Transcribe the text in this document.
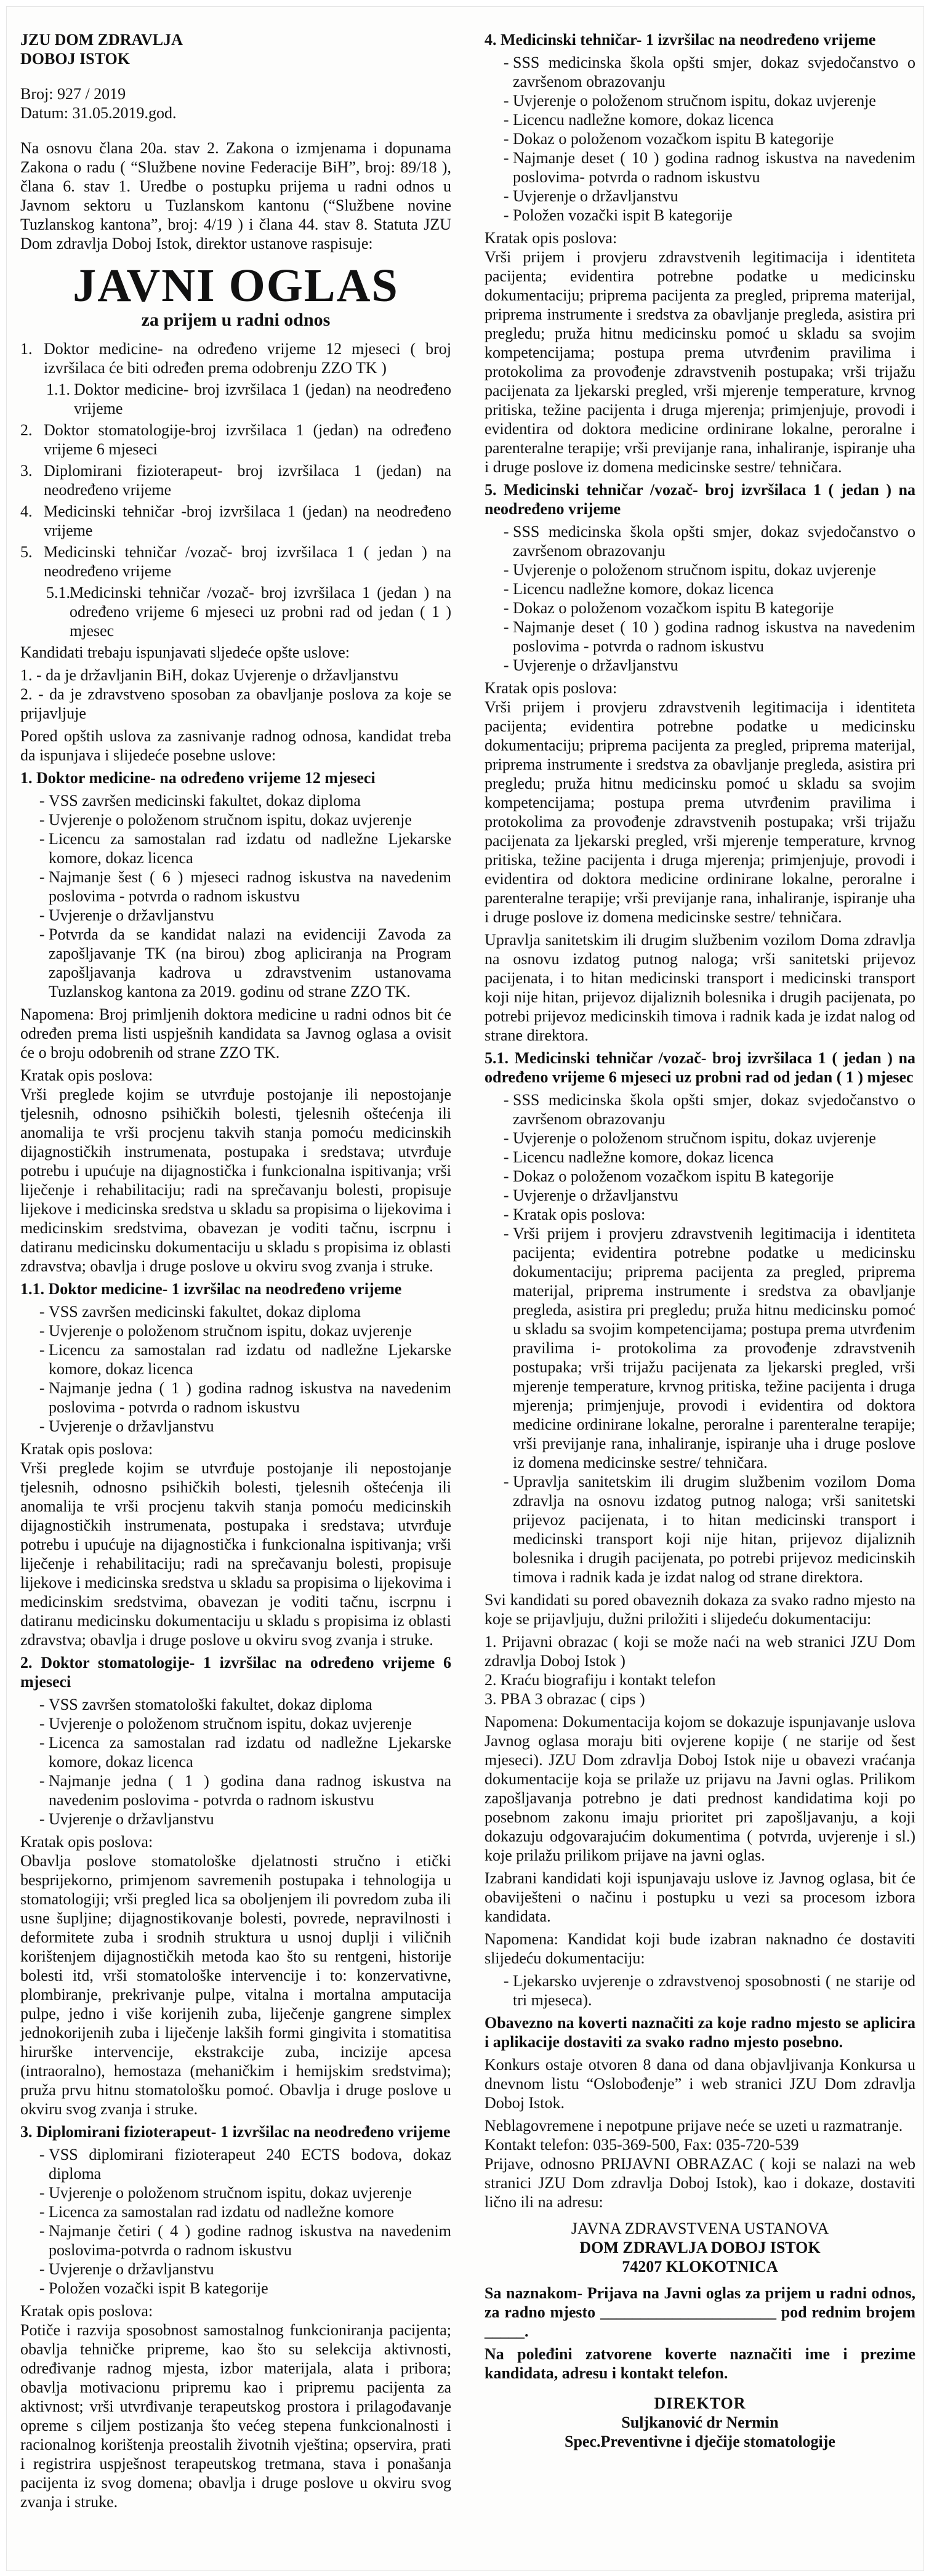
JZU DOM ZDRAVLJA

DOBOJ ISTOK

Broj: 927 / 2019

Datum: 31.05.2019.god.

Na osnovu člana 20a. stav 2. Zakona o izmjenama i dopunama Zakona o radu ( “Službene novine Federacije BiH”, broj: 89/18 ), člana 6. stav 1. Uredbe o postupku prijema u radni odnos u Javnom sektoru u Tuzlanskom kantonu (“Službene novine Tuzlanskog kantona”, broj: 4/19 ) i člana 44. stav 8. Statuta JZU Dom zdravlja Doboj Istok, direktor ustanove raspisuje:

JAVNI OGLAS
za prijem u radni odnos
1. Doktor medicine- na određeno vrijeme 12 mjeseci ( broj izvršilaca će biti određen prema odobrenju ZZO TK )
1.1. Doktor medicine- broj izvršilaca 1 (jedan) na neodređeno vrijeme
2. Doktor stomatologije-broj izvršilaca 1 (jedan) na određeno vrijeme 6 mjeseci
3. Diplomirani fizioterapeut- broj izvršilaca 1 (jedan) na neodređeno vrijeme
4. Medicinski tehničar -broj izvršilaca 1 (jedan) na neodređeno vrijeme
5. Medicinski tehničar /vozač- broj izvršilaca 1 ( jedan ) na neodređeno vrijeme
5.1. Medicinski tehničar /vozač- broj izvršilaca 1 (jedan ) na određeno vrijeme 6 mjeseci uz probni rad od jedan ( 1 ) mjesec

Kandidati trebaju ispunjavati sljedeće opšte uslove:

1. - da je državljanin BiH, dokaz Uvjerenje o državljanstvu

2. - da je zdravstveno sposoban za obavljanje poslova za koje se prijavljuje

Pored opštih uslova za zasnivanje radnog odnosa, kandidat treba da ispunjava i slijedeće posebne uslove:

1. Doktor medicine- na određeno vrijeme 12 mjeseci

• VSS završen medicinski fakultet, dokaz diploma
• Uvjerenje o položenom stručnom ispitu, dokaz uvjerenje
• Licencu za samostalan rad izdatu od nadležne Ljekarske komore, dokaz licenca
• Najmanje šest ( 6 ) mjeseci radnog iskustva na navedenim poslovima - potvrda o radnom iskustvu
• Uvjerenje o državljanstvu
• Potvrda da se kandidat nalazi na evidenciji Zavoda za zapošljavanje TK (na birou) zbog apliciranja na Program zapošljavanja kadrova u zdravstvenim ustanovama Tuzlanskog kantona za 2019. godinu od strane ZZO TK.

Napomena: Broj primljenih doktora medicine u radni odnos bit će određen prema listi uspješnih kandidata sa Javnog oglasa a ovisit će o broju odobrenih od strane ZZO TK.

Kratak opis poslova:

Vrši preglede kojim se utvrđuje postojanje ili nepostojanje tjelesnih, odnosno psihičkih bolesti, tjelesnih oštećenja ili anomalija te vrši procjenu takvih stanja pomoću medicinskih dijagnostičkih instrumenata, postupaka i sredstava; utvrđuje potrebu i upućuje na dijagnostička i funkcionalna ispitivanja; vrši liječenje i rehabilitaciju; radi na sprečavanju bolesti, propisuje lijekove i medicinska sredstva u skladu sa propisima o lijekovima i medicinskim sredstvima, obavezan je voditi tačnu, iscrpnu i datiranu medicinsku dokumentaciju u skladu s propisima iz oblasti zdravstva; obavlja i druge poslove u okviru svog zvanja i struke.

1.1. Doktor medicine- 1 izvršilac na neodređeno vrijeme

• VSS završen medicinski fakultet, dokaz diploma
• Uvjerenje o položenom stručnom ispitu, dokaz uvjerenje
• Licencu za samostalan rad izdatu od nadležne Ljekarske komore, dokaz licenca
• Najmanje jedna ( 1 ) godina radnog iskustva na navedenim poslovima - potvrda o radnom iskustvu
• Uvjerenje o državljanstvu

Kratak opis poslova:

Vrši preglede kojim se utvrđuje postojanje ili nepostojanje tjelesnih, odnosno psihičkih bolesti, tjelesnih oštećenja ili anomalija te vrši procjenu takvih stanja pomoću medicinskih dijagnostičkih instrumenata, postupaka i sredstava; utvrđuje potrebu i upućuje na dijagnostička i funkcionalna ispitivanja; vrši liječenje i rehabilitaciju; radi na sprečavanju bolesti, propisuje lijekove i medicinska sredstva u skladu sa propisima o lijekovima i medicinskim sredstvima, obavezan je voditi tačnu, iscrpnu i datiranu medicinsku dokumentaciju u skladu s propisima iz oblasti zdravstva; obavlja i druge poslove u okviru svog zvanja i struke.

2. Doktor stomatologije- 1 izvršilac na određeno vrijeme 6 mjeseci

• VSS završen stomatološki fakultet, dokaz diploma
• Uvjerenje o položenom stručnom ispitu, dokaz uvjerenje
• Licenca za samostalan rad izdatu od nadležne Ljekarske komore, dokaz licenca
• Najmanje jedna ( 1 ) godina dana radnog iskustva na navedenim poslovima - potvrda o radnom iskustvu
• Uvjerenje o državljanstvu

Kratak opis poslova:

Obavlja poslove stomatološke djelatnosti stručno i etički besprijekorno, primjenom savremenih postupaka i tehnologija u stomatologiji; vrši pregled lica sa obolјenjem ili povredom zuba ili usne šupljine; dijagnostikovanje bolesti, povrede, nepravilnosti i deformitete zuba i srodnih struktura u usnoj duplji i viličnih korištenjem dijagnostičkih metoda kao što su rentgeni, historije bolesti itd, vrši stomatološke intervencije i to: konzervativne, plombiranje, prekrivanje pulpe, vitalna i mortalna amputacija pulpe, jedno i više korijenih zuba, liječenje gangrene simplex jednokorijenih zuba i liječenje lakših formi gingivita i stomatitisa hirurške intervencije, ekstrakcije zuba, incizije apcesa (intraoralno), hemostaza (mehaničkim i hemijskim sredstvima); pruža prvu hitnu stomatološku pomoć. Obavlja i druge poslove u okviru svog zvanja i struke.

3. Diplomirani fizioterapeut- 1 izvršilac na neodređeno vrijeme

• VSS diplomirani fizioterapeut 240 ECTS bodova, dokaz diploma
• Uvjerenje o položenom stručnom ispitu, dokaz uvjerenje
• Licenca za samostalan rad izdatu od nadležne komore
• Najmanje četiri ( 4 ) godine radnog iskustva na navedenim poslovima-potvrda o radnom iskustvu
• Uvjerenje o državljanstvu
• Položen vozački ispit B kategorije

Kratak opis poslova:

Potiče i razvija sposobnost samostalnog funkcioniranja pacijenta; obavlja tehničke pripreme, kao što su selekcija aktivnosti, određivanje radnog mjesta, izbor materijala, alata i pribora; obavlja motivacionu pripremu kao i pripremu pacijenta za aktivnost; vrši utvrđivanje terapeutskog prostora i prilagođavanje opreme s ciljem postizanja što većeg stepena funkcionalnosti i racionalnog korištenja preostalih životnih vještina; opservira, prati i registrira uspješnost terapeutskog tretmana, stava i ponašanja pacijenta iz svog domena; obavlja i druge poslove u okviru svog zvanja i struke.

4. Medicinski tehničar- 1 izvršilac na neodređeno vrijeme

• SSS medicinska škola opšti smjer, dokaz svjedočanstvo o završenom obrazovanju
• Uvjerenje o položenom stručnom ispitu, dokaz uvjerenje
• Licencu nadležne komore, dokaz licenca
• Dokaz o položenom vozačkom ispitu B kategorije
• Najmanje deset ( 10 ) godina radnog iskustva na navedenim poslovima- potvrda o radnom iskustvu
• Uvjerenje o državljanstvu
• Položen vozački ispit B kategorije

Kratak opis poslova:

Vrši prijem i provjeru zdravstvenih legitimacija i identiteta pacijenta; evidentira potrebne podatke u medicinsku dokumentaciju; priprema pacijenta za pregled, priprema materijal, priprema instrumente i sredstva za obavljanje pregleda, asistira pri pregledu; pruža hitnu medicinsku pomoć u skladu sa svojim kompetencijama; postupa prema utvrđenim pravilima i protokolima za provođenje zdravstvenih postupaka; vrši trijažu pacijenata za ljekarski pregled, vrši mjerenje temperature, krvnog pritiska, težine pacijenta i druga mjerenja; primjenjuje, provodi i evidentira od doktora medicine ordinirane lokalne, peroralne i parenteralne terapije; vrši previjanje rana, inhaliranje, ispiranje uha i druge poslove iz domena medicinske sestre/ tehničara.

5. Medicinski tehničar /vozač- broj izvršilaca 1 ( jedan ) na neodređeno vrijeme

• SSS medicinska škola opšti smjer, dokaz svjedočanstvo o završenom obrazovanju
• Uvjerenje o položenom stručnom ispitu, dokaz uvjerenje
• Licencu nadležne komore, dokaz licenca
• Dokaz o položenom vozačkom ispitu B kategorije
• Najmanje deset ( 10 ) godina radnog iskustva na navedenim poslovima - potvrda o radnom iskustvu
• Uvjerenje o državljanstvu

Kratak opis poslova:

Vrši prijem i provjeru zdravstvenih legitimacija i identiteta pacijenta; evidentira potrebne podatke u medicinsku dokumentaciju; priprema pacijenta za pregled, priprema materijal, priprema instrumente i sredstva za obavljanje pregleda, asistira pri pregledu; pruža hitnu medicinsku pomoć u skladu sa svojim kompetencijama; postupa prema utvrđenim pravilima i protokolima za provođenje zdravstvenih postupaka; vrši trijažu pacijenata za ljekarski pregled, vrši mjerenje temperature, krvnog pritiska, težine pacijenta i druga mjerenja; primjenjuje, provodi i evidentira od doktora medicine ordinirane lokalne, peroralne i parenteralne terapije; vrši previjanje rana, inhaliranje, ispiranje uha i druge poslove iz domena medicinske sestre/ tehničara.

Upravlja sanitetskim ili drugim službenim vozilom Doma zdravlja na osnovu izdatog putnog naloga; vrši sanitetski prijevoz pacijenata, i to hitan medicinski transport i medicinski transport koji nije hitan, prijevoz dijaliznih bolesnika i drugih pacijenata, po potrebi prijevoz medicinskih timova i radnik kada je izdat nalog od strane direktora.

5.1. Medicinski tehničar /vozač- broj izvršilaca 1 ( jedan ) na određeno vrijeme 6 mjeseci uz probni rad od jedan ( 1 ) mjesec

• SSS medicinska škola opšti smjer, dokaz svjedočanstvo o završenom obrazovanju
• Uvjerenje o položenom stručnom ispitu, dokaz uvjerenje
• Licencu nadležne komore, dokaz licenca
• Dokaz o položenom vozačkom ispitu B kategorije
• Uvjerenje o državljanstvu
• Kratak opis poslova:
• Vrši prijem i provjeru zdravstvenih legitimacija i identiteta pacijenta; evidentira potrebne podatke u medicinsku dokumentaciju; priprema pacijenta za pregled, priprema materijal, priprema instrumente i sredstva za obavljanje pregleda, asistira pri pregledu; pruža hitnu medicinsku pomoć u skladu sa svojim kompetencijama; postupa prema utvrđenim pravilima i- protokolima za provođenje zdravstvenih postupaka; vrši trijažu pacijenata za ljekarski pregled, vrši mjerenje temperature, krvnog pritiska, težine pacijenta i druga mjerenja; primjenjuje, provodi i evidentira od doktora medicine ordinirane lokalne, peroralne i parenteralne terapije; vrši previjanje rana, inhaliranje, ispiranje uha i druge poslove iz domena medicinske sestre/ tehničara.
• Upravlja sanitetskim ili drugim službenim vozilom Doma zdravlja na osnovu izdatog putnog naloga; vrši sanitetski prijevoz pacijenata, i to hitan medicinski transport i medicinski transport koji nije hitan, prijevoz dijaliznih bolesnika i drugih pacijenata, po potrebi prijevoz medicinskih timova i radnik kada je izdat nalog od strane direktora.

Svi kandidati su pored obaveznih dokaza za svako radno mjesto na koje se prijavljuju, dužni priložiti i slijedeću dokumentaciju:

1. Prijavni obrazac ( koji se može naći na web stranici JZU Dom zdravlja Doboj Istok )

2. Kraću biografiju i kontakt telefon

3. PBA 3 obrazac ( cips )

Napomena: Dokumentacija kojom se dokazuje ispunjavanje uslova Javnog oglasa moraju biti ovjerene kopije ( ne starije od šest mjeseci). JZU Dom zdravlja Doboj Istok nije u obavezi vraćanja dokumentacije koja se prilaže uz prijavu na Javni oglas. Prilikom zapošljavanja potrebno je dati prednost kandidatima koji po posebnom zakonu imaju prioritet pri zapošljavanju, a koji dokazuju odgovarajućim dokumentima ( potvrda, uvjerenje i sl.) koje prilažu prilikom prijave na javni oglas.

Izabrani kandidati koji ispunjavaju uslove iz Javnog oglasa, bit će obaviješteni o načinu i postupku u vezi sa procesom izbora kandidata.

Napomena: Kandidat koji bude izabran naknadno će dostaviti slijedeću dokumentaciju:

• Ljekarsko uvjerenje o zdravstvenoj sposobnosti ( ne starije od tri mjeseca).

Obavezno na koverti naznačiti za koje radno mjesto se aplicira i aplikacije dostaviti za svako radno mjesto posebno.

Konkurs ostaje otvoren 8 dana od dana objavljivanja Konkursa u dnevnom listu “Oslobođenje” i web stranici JZU Dom zdravlja Doboj Istok.

Neblagovremene i nepotpune prijave neće se uzeti u razmatranje.

Kontakt telefon: 035-369-500, Fax: 035-720-539

Prijave, odnosno PRIJAVNI OBRAZAC ( koji se nalazi na web stranici JZU Dom zdravlja Doboj Istok), kao i dokaze, dostaviti lično ili na adresu:

JAVNA ZDRAVSTVENA USTANOVA
DOM ZDRAVLJA DOBOJ ISTOK
74207 KLOKOTNICA

Sa naznakom- Prijava na Javni oglas za prijem u radni odnos, za radno mjesto ______________________ pod rednim brojem _____.

Na poleđini zatvorene koverte naznačiti ime i prezime kandidata, adresu i kontakt telefon.

DIREKTOR
Suljkanović dr Nermin
Spec.Preventivne i dječije stomatologije
